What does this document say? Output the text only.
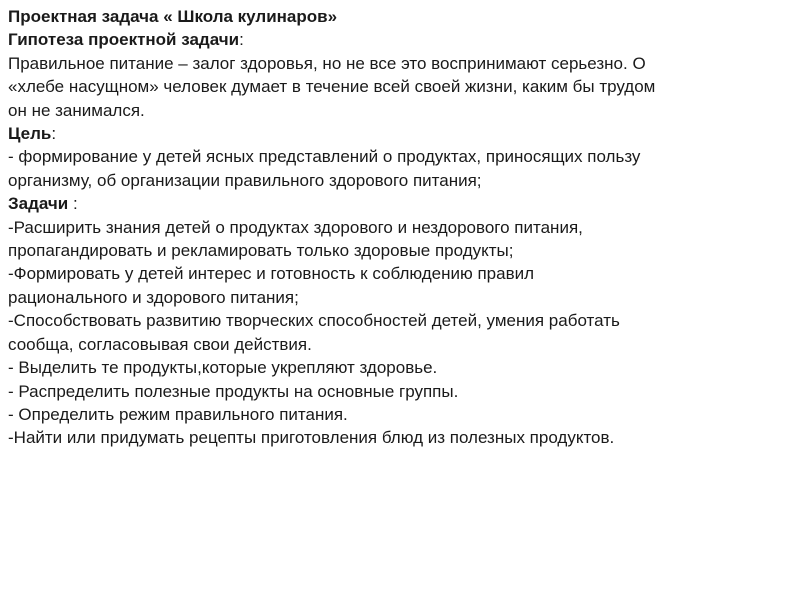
Проектная задача « Школа кулинаров»
Гипотеза проектной задачи:
Правильное питание – залог здоровья, но не все это воспринимают серьезно. О
«хлебе насущном» человек думает в течение всей своей жизни, каким бы трудом
он не занимался.
Цель:
- формирование у детей ясных представлений о продуктах, приносящих пользу
организму, об организации правильного здорового питания;
Задачи :
-Расширить знания детей о продуктах здорового и нездорового питания,
пропагандировать и рекламировать только здоровые продукты;
-Формировать у детей интерес и готовность к соблюдению правил
рационального и здорового питания;
-Способствовать развитию творческих способностей детей, умения работать
сообща, согласовывая свои действия.
- Выделить те продукты,которые укрепляют здоровье.
- Распределить полезные продукты на основные группы.
- Определить режим правильного питания.
-Найти или придумать рецепты приготовления блюд из полезных продуктов.
